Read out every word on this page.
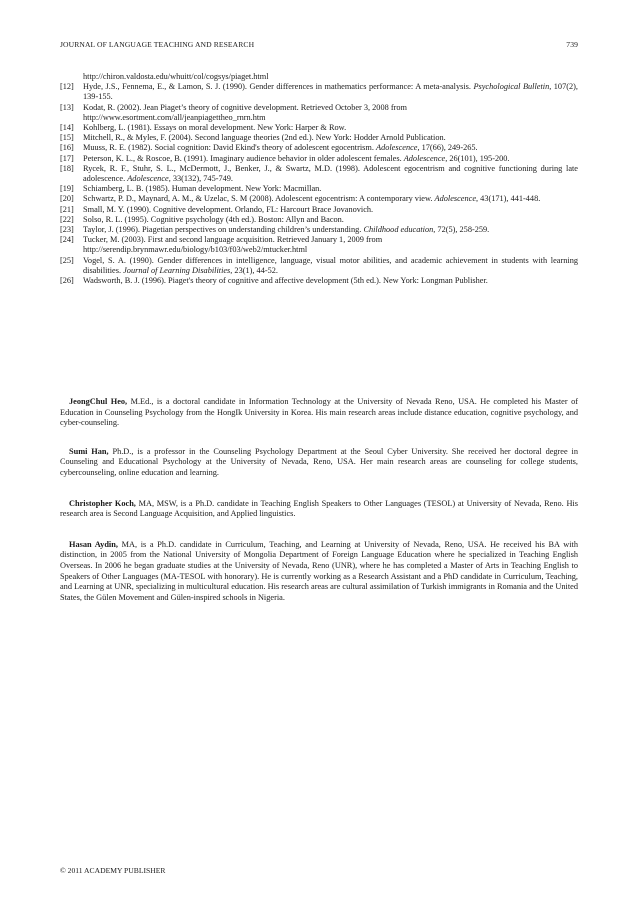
JOURNAL OF LANGUAGE TEACHING AND RESEARCH	739
http://chiron.valdosta.edu/whuitt/col/cogsys/piaget.html
[12]	Hyde, J.S., Fennema, E., & Lamon, S. J. (1990). Gender differences in mathematics performance: A meta-analysis. Psychological Bulletin, 107(2), 139-155.
[13]	Kodat, R. (2002). Jean Piaget’s theory of cognitive development. Retrieved October 3, 2008 from
http://www.esortment.com/all/jeanpiagettheo_rnrn.htm
[14]	Kohlberg, L. (1981). Essays on moral development. New York: Harper & Row.
[15]	Mitchell, R., & Myles, F. (2004). Second language theories (2nd ed.). New York: Hodder Arnold Publication.
[16]	Muuss, R. E. (1982). Social cognition: David Ekind's theory of adolescent egocentrism. Adolescence, 17(66), 249-265.
[17]	Peterson, K. L., & Roscoe, B. (1991). Imaginary audience behavior in older adolescent females. Adolescence, 26(101), 195-200.
[18]	Rycek, R. F., Stuhr, S. L., McDermott, J., Benker, J., & Swartz, M.D. (1998). Adolescent egocentrism and cognitive functioning during late adolescence. Adolescence, 33(132), 745-749.
[19]	Schiamberg, L. B. (1985). Human development. New York: Macmillan.
[20]	Schwartz, P. D., Maynard, A. M., & Uzelac, S. M (2008). Adolescent egocentrism: A contemporary view. Adolescence, 43(171), 441-448.
[21]	Small, M. Y. (1990). Cognitive development. Orlando, FL: Harcourt Brace Jovanovich.
[22]	Solso, R. L. (1995). Cognitive psychology (4th ed.). Boston: Allyn and Bacon.
[23]	Taylor, J. (1996). Piagetian perspectives on understanding children’s understanding. Childhood education, 72(5), 258-259.
[24]	Tucker, M. (2003). First and second language acquisition. Retrieved January 1, 2009 from
http://serendip.brynmawr.edu/biology/b103/f03/web2/mtucker.html
[25]	Vogel, S. A. (1990). Gender differences in intelligence, language, visual motor abilities, and academic achievement in students with learning disabilities. Journal of Learning Disabilities, 23(1), 44-52.
[26]	Wadsworth, B. J. (1996). Piaget's theory of cognitive and affective development (5th ed.). New York: Longman Publisher.

JeongChul Heo, M.Ed., is a doctoral candidate in Information Technology at the University of Nevada Reno, USA. He completed his Master of Education in Counseling Psychology from the HongIk University in Korea. His main research areas include distance education, cognitive psychology, and cyber-counseling.

Sumi Han, Ph.D., is a professor in the Counseling Psychology Department at the Seoul Cyber University. She received her doctoral degree in Counseling and Educational Psychology at the University of Nevada, Reno, USA. Her main research areas are counseling for college students, cybercounseling, online education and learning.

Christopher Koch, MA, MSW, is a Ph.D. candidate in Teaching English Speakers to Other Languages (TESOL) at University of Nevada, Reno. His research area is Second Language Acquisition, and Applied linguistics.

Hasan Aydin, MA, is a Ph.D. candidate in Curriculum, Teaching, and Learning at University of Nevada, Reno, USA. He received his BA with distinction, in 2005 from the National University of Mongolia Department of Foreign Language Education where he specialized in Teaching English Overseas. In 2006 he began graduate studies at the University of Nevada, Reno (UNR), where he has completed a Master of Arts in Teaching English to Speakers of Other Languages (MA-TESOL with honorary). He is currently working as a Research Assistant and a PhD candidate in Curriculum, Teaching, and Learning at UNR, specializing in multicultural education. His research areas are cultural assimilation of Turkish immigrants in Romania and the United States, the Gülen Movement and Gülen-inspired schools in Nigeria.

© 2011 ACADEMY PUBLISHER
